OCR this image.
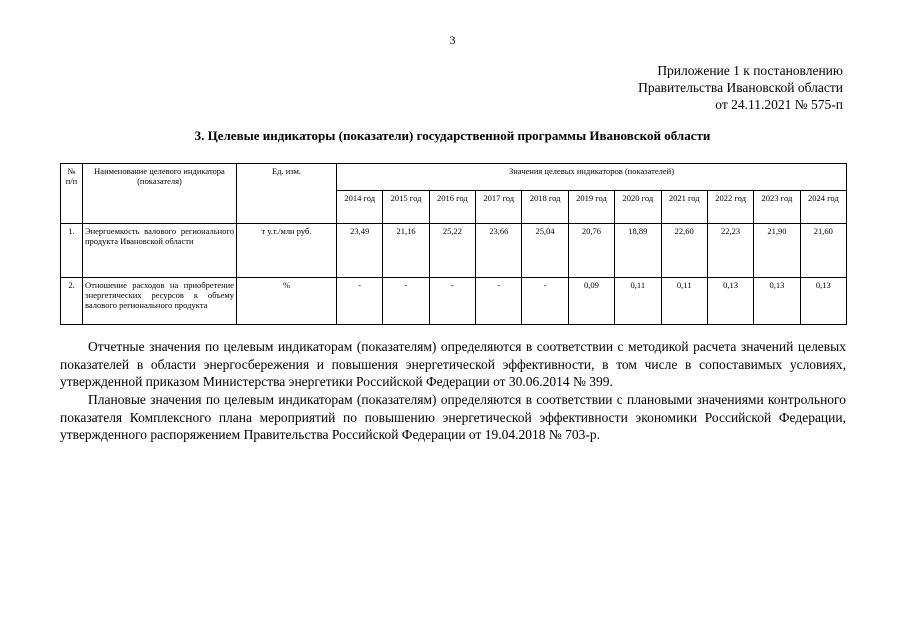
3
Приложение 1 к постановлению
Правительства Ивановской области
от 24.11.2021 № 575-п
3. Целевые индикаторы (показатели) государственной программы Ивановской области
№ п/п	Наименование целевого индикатора (показателя)	Ед. изм.	Значения целевых индикаторов (показателей)										
			2014 год	2015 год	2016 год	2017 год	2018 год	2019 год	2020 год	2021 год	2022 год	2023 год	2024 год
1.	Энергоемкость валового регионального продукта Ивановской области	т у.т./млн руб.	23,49	21,16	25,22	23,66	25,04	20,76	18,89	22,60	22,23	21,90	21,60
2.	Отношение расходов на приобретение энергетических ресурсов к объему валового регионального продукта	%	-	-	-	-	-	0,09	0,11	0,11	0,13	0,13	0,13

Отчетные значения по целевым индикаторам (показателям) определяются в соответствии с методикой расчета значений целевых показателей в области энергосбережения и повышения энергетической эффективности, в том числе в сопоставимых условиях, утвержденной приказом Министерства энергетики Российской Федерации от 30.06.2014 № 399.

Плановые значения по целевым индикаторам (показателям) определяются в соответствии с плановыми значениями контрольного показателя Комплексного плана мероприятий по повышению энергетической эффективности экономики Российской Федерации, утвержденного распоряжением Правительства Российской Федерации от 19.04.2018 № 703-р.
